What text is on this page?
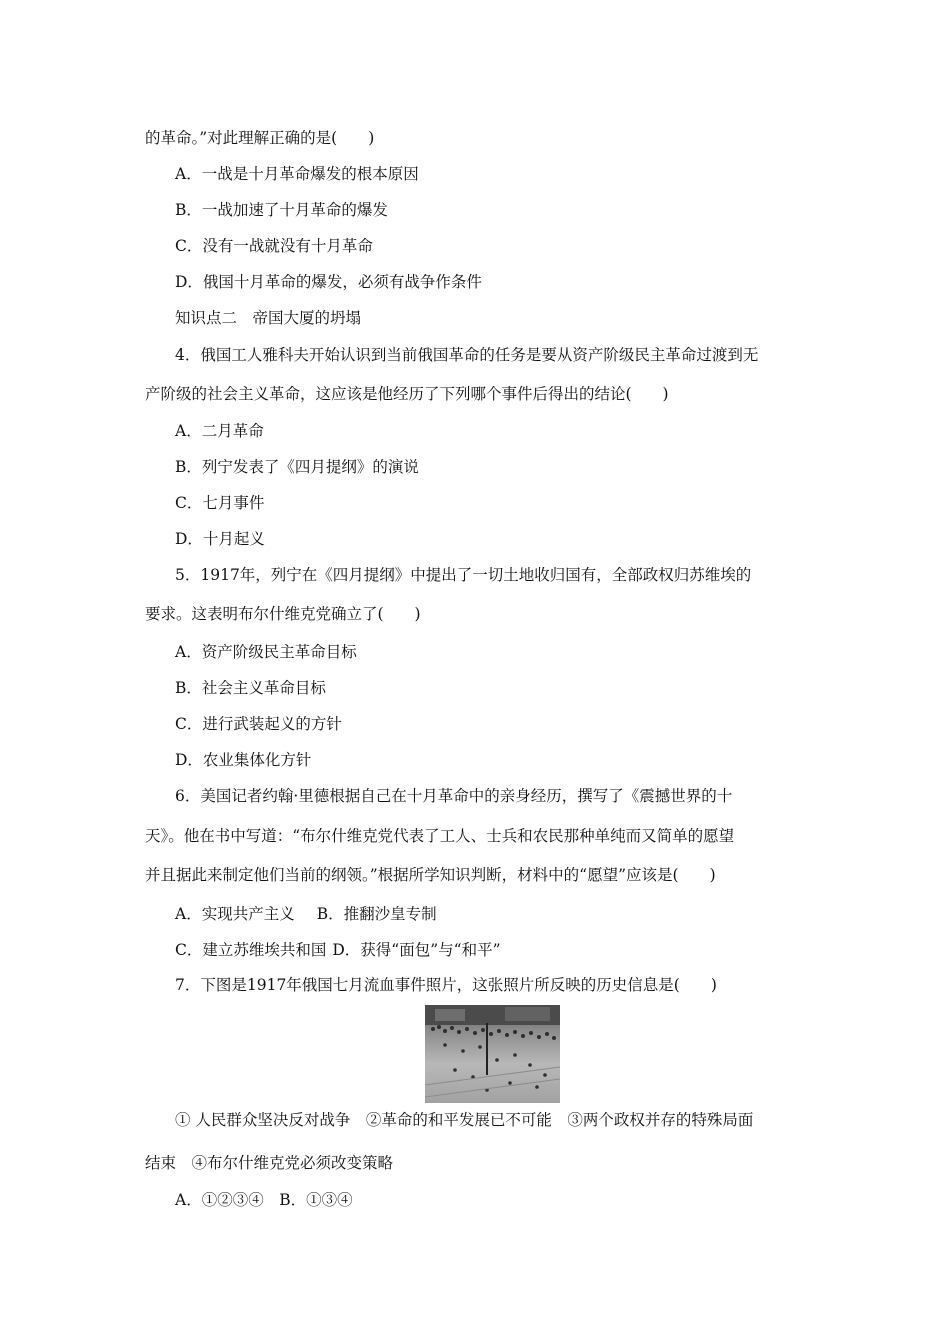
的革命。”对此理解正确的是(　　)
A．一战是十月革命爆发的根本原因
B．一战加速了十月革命的爆发
C．没有一战就没有十月革命
D．俄国十月革命的爆发，必须有战争作条件
知识点二　帝国大厦的坍塌
4．俄国工人雅科夫开始认识到当前俄国革命的任务是要从资产阶级民主革命过渡到无
产阶级的社会主义革命，这应该是他经历了下列哪个事件后得出的结论(　　)
A．二月革命
B．列宁发表了《四月提纲》的演说
C．七月事件
D．十月起义
5．1917年，列宁在《四月提纲》中提出了一切土地收归国有，全部政权归苏维埃的
要求。这表明布尔什维克党确立了(　　)
A．资产阶级民主革命目标
B．社会主义革命目标
C．进行武装起义的方针
D．农业集体化方针
6．美国记者约翰·里德根据自己在十月革命中的亲身经历，撰写了《震撼世界的十
天》。他在书中写道：“布尔什维克党代表了工人、士兵和农民那种单纯而又简单的愿望
并且据此来制定他们当前的纲领。”根据所学知识判断，材料中的“愿望”应该是(　　)
A．实现共产主义 B．推翻沙皇专制
C．建立苏维埃共和国 D．获得“面包”与“和平”
7．下图是1917年俄国七月流血事件照片，这张照片所反映的历史信息是(　　)
① 人民群众坚决反对战争　②革命的和平发展已不可能　③两个政权并存的特殊局面
结束　④布尔什维克党必须改变策略
A．①②③④　B．①③④
